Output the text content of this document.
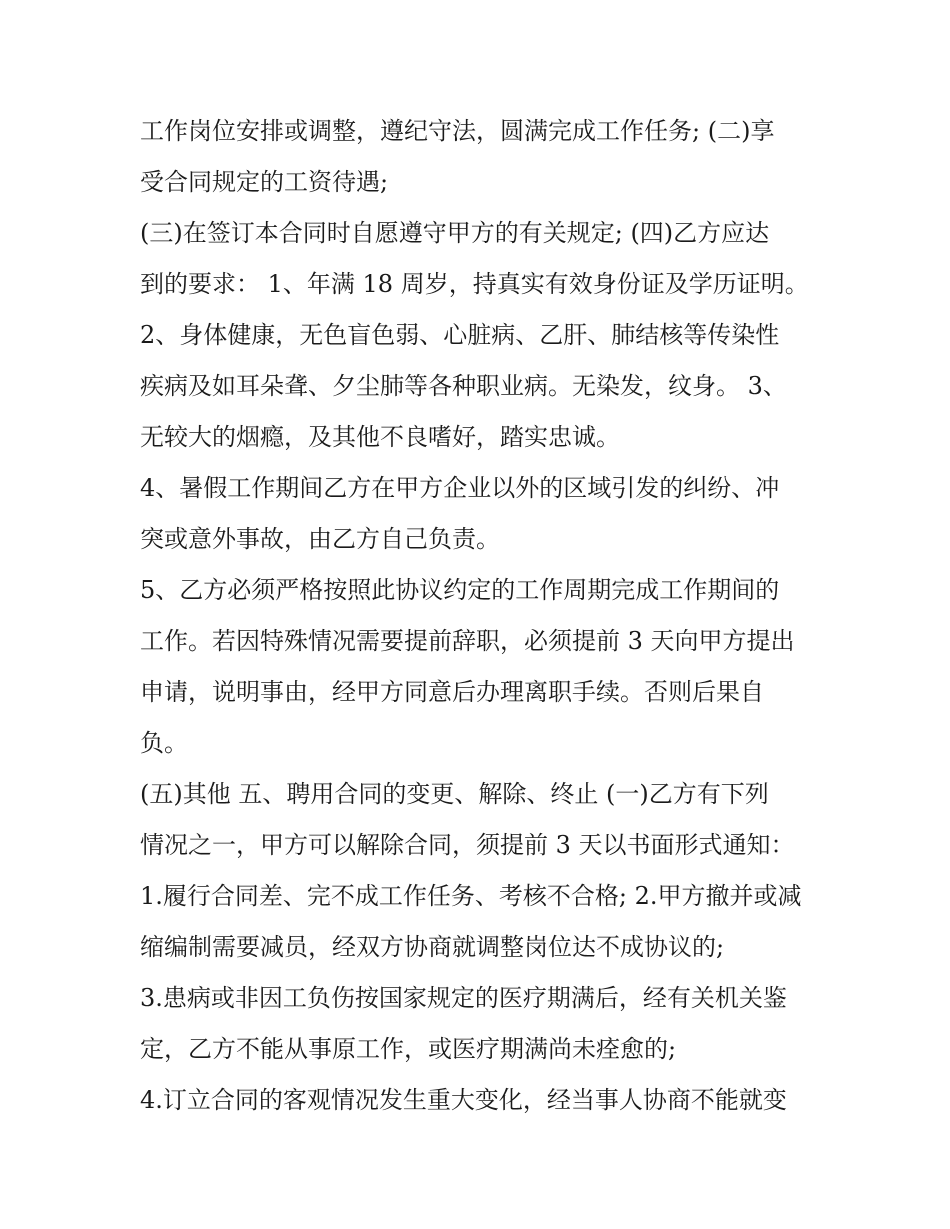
工作岗位安排或调整，遵纪守法，圆满完成工作任务; (二)享
受合同规定的工资待遇;
(三)在签订本合同时自愿遵守甲方的有关规定; (四)乙方应达
到的要求： 1、年满 18 周岁，持真实有效身份证及学历证明。
2、身体健康，无色盲色弱、心脏病、乙肝、肺结核等传染性
疾病及如耳朵聋、夕尘肺等各种职业病。无染发，纹身。 3、
无较大的烟瘾，及其他不良嗜好，踏实忠诚。
4、暑假工作期间乙方在甲方企业以外的区域引发的纠纷、冲
突或意外事故，由乙方自己负责。
5、乙方必须严格按照此协议约定的工作周期完成工作期间的
工作。若因特殊情况需要提前辞职，必须提前 3 天向甲方提出
申请，说明事由，经甲方同意后办理离职手续。否则后果自
负。
(五)其他 五、聘用合同的变更、解除、终止 (一)乙方有下列
情况之一，甲方可以解除合同，须提前 3 天以书面形式通知：
1.履行合同差、完不成工作任务、考核不合格; 2.甲方撤并或减
缩编制需要减员，经双方协商就调整岗位达不成协议的;
3.患病或非因工负伤按国家规定的医疗期满后，经有关机关鉴
定，乙方不能从事原工作，或医疗期满尚未痊愈的;
4.订立合同的客观情况发生重大变化，经当事人协商不能就变
